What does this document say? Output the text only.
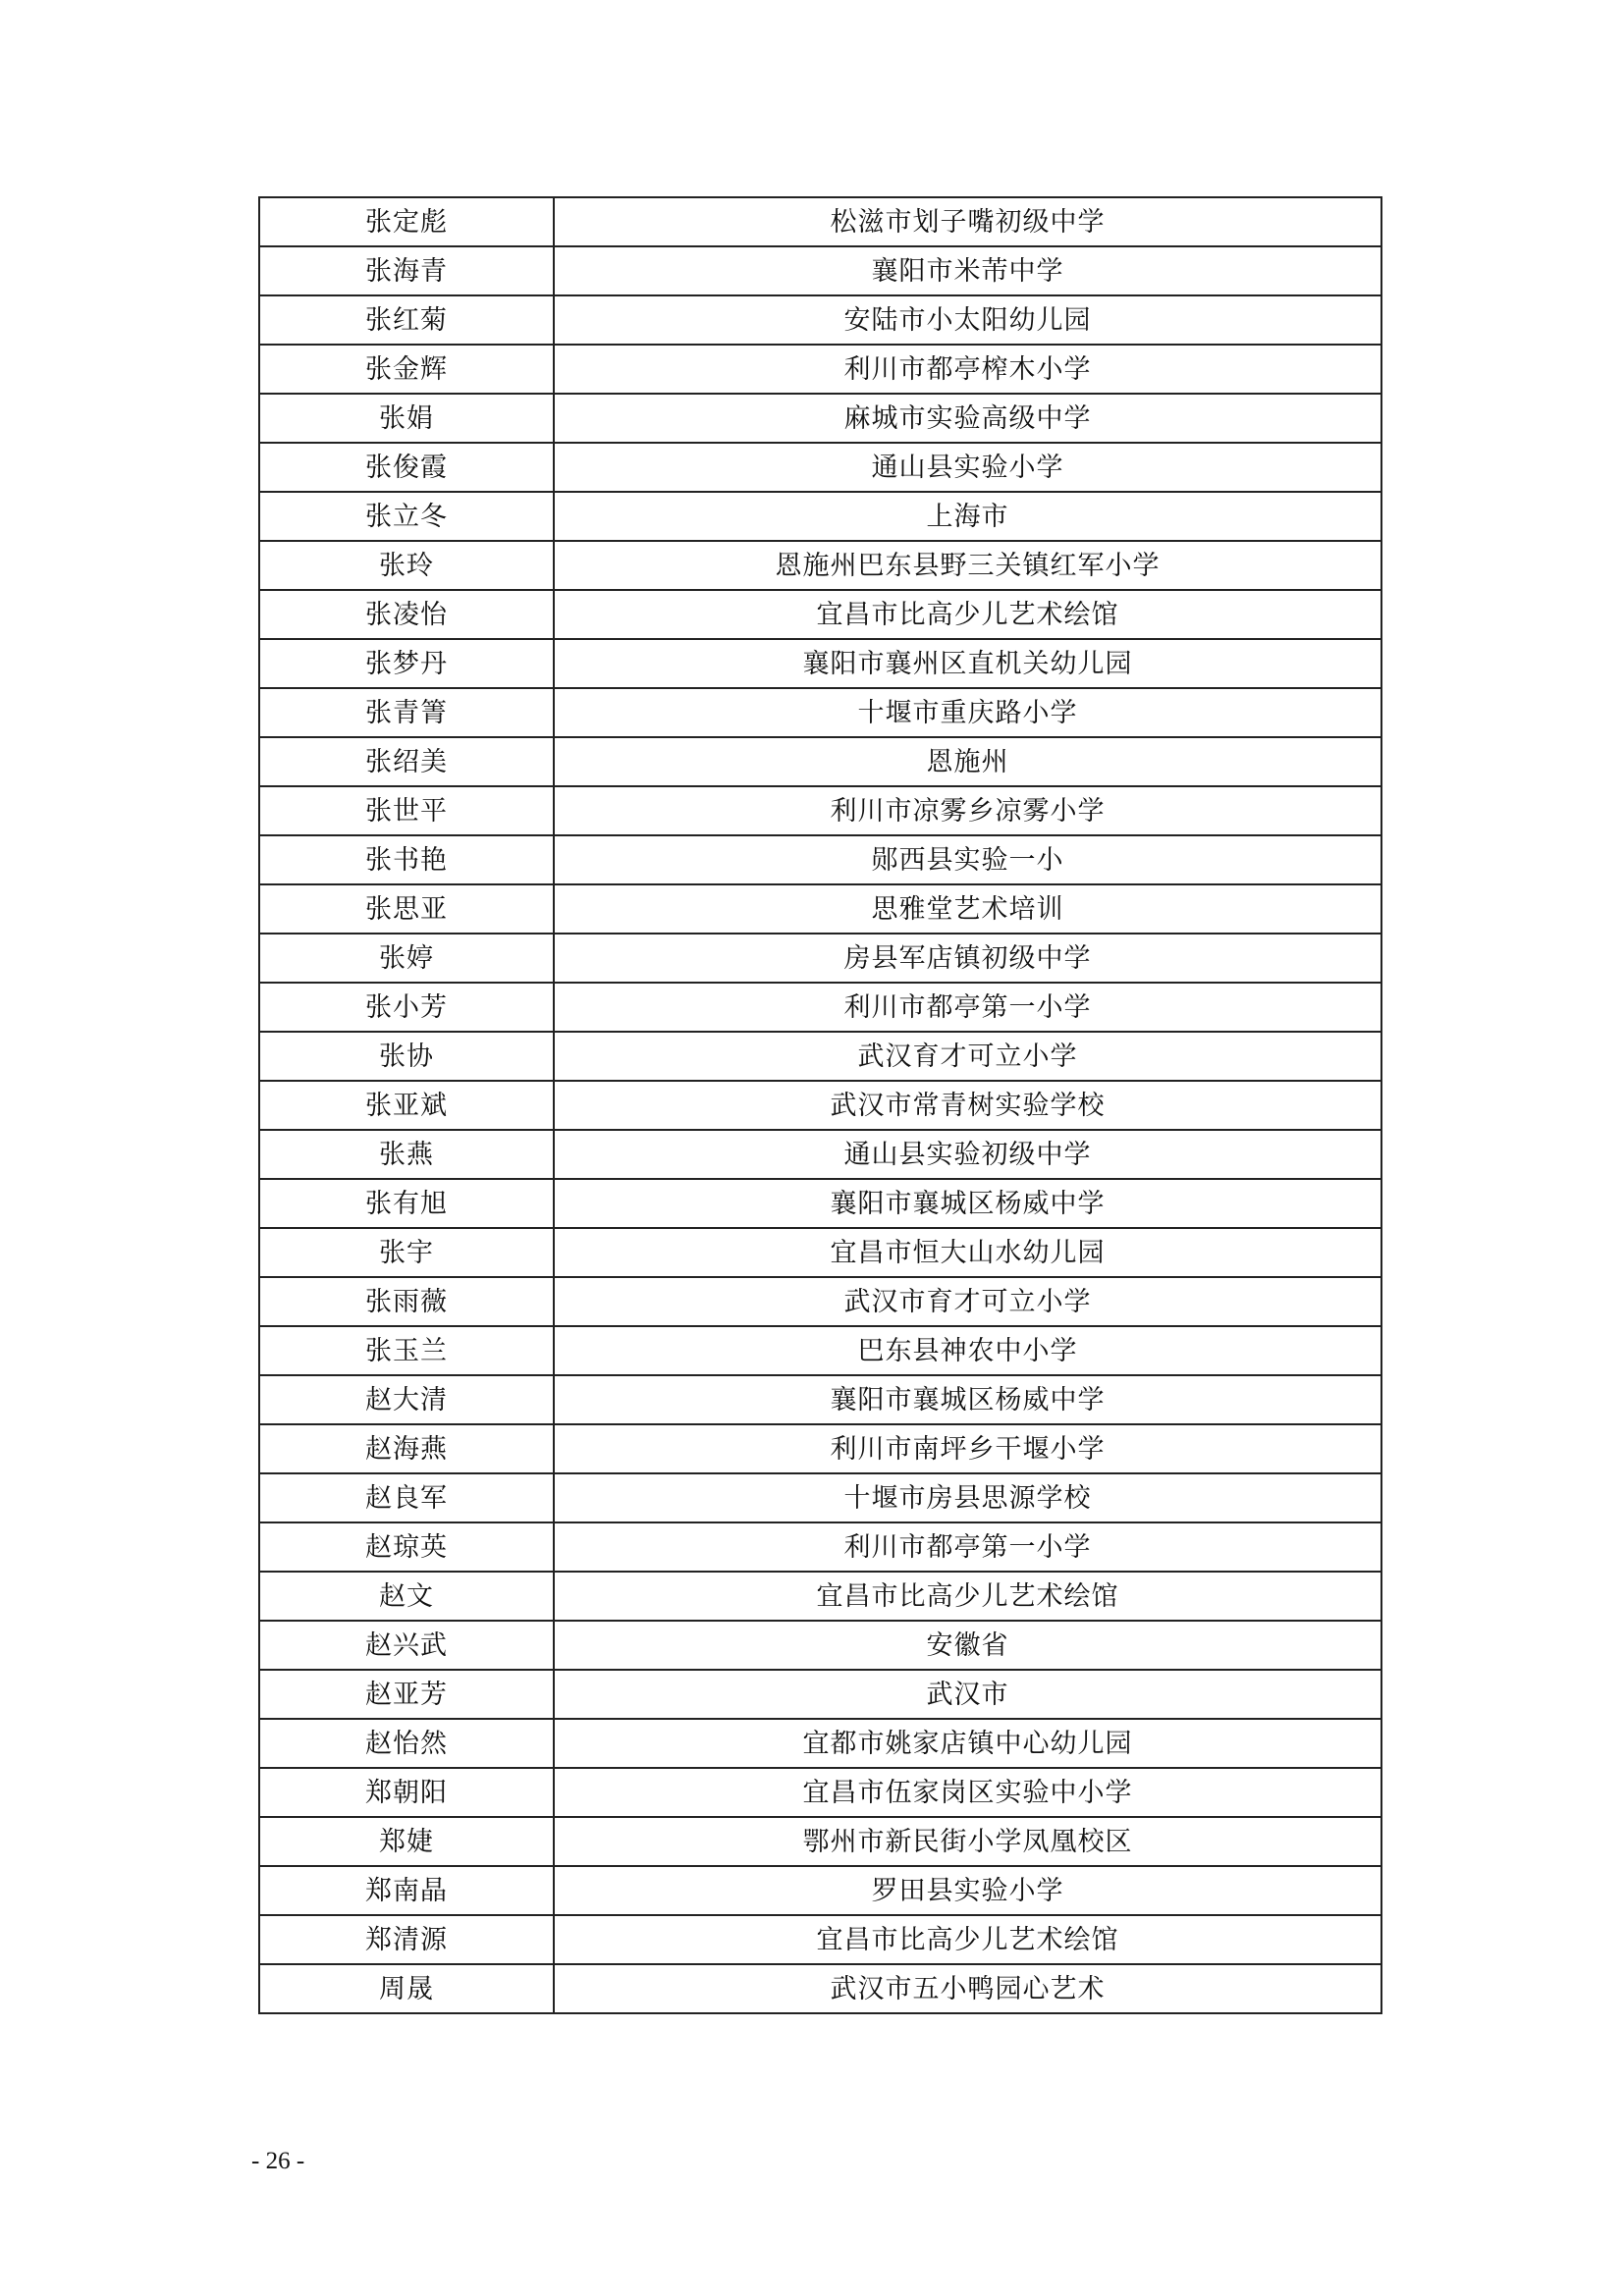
张定彪	松滋市划子嘴初级中学
张海青	襄阳市米芾中学
张红菊	安陆市小太阳幼儿园
张金辉	利川市都亭榨木小学
张娟	麻城市实验高级中学
张俊霞	通山县实验小学
张立冬	上海市
张玲	恩施州巴东县野三关镇红军小学
张凌怡	宜昌市比高少儿艺术绘馆
张梦丹	襄阳市襄州区直机关幼儿园
张青箐	十堰市重庆路小学
张绍美	恩施州
张世平	利川市凉雾乡凉雾小学
张书艳	郧西县实验一小
张思亚	思雅堂艺术培训
张婷	房县军店镇初级中学
张小芳	利川市都亭第一小学
张协	武汉育才可立小学
张亚斌	武汉市常青树实验学校
张燕	通山县实验初级中学
张有旭	襄阳市襄城区杨威中学
张宇	宜昌市恒大山水幼儿园
张雨薇	武汉市育才可立小学
张玉兰	巴东县神农中小学
赵大清	襄阳市襄城区杨威中学
赵海燕	利川市南坪乡干堰小学
赵良军	十堰市房县思源学校
赵琼英	利川市都亭第一小学
赵文	宜昌市比高少儿艺术绘馆
赵兴武	安徽省
赵亚芳	武汉市
赵怡然	宜都市姚家店镇中心幼儿园
郑朝阳	宜昌市伍家岗区实验中小学
郑婕	鄂州市新民街小学凤凰校区
郑南晶	罗田县实验小学
郑清源	宜昌市比高少儿艺术绘馆
周晟	武汉市五小鸭园心艺术
- 26 -
